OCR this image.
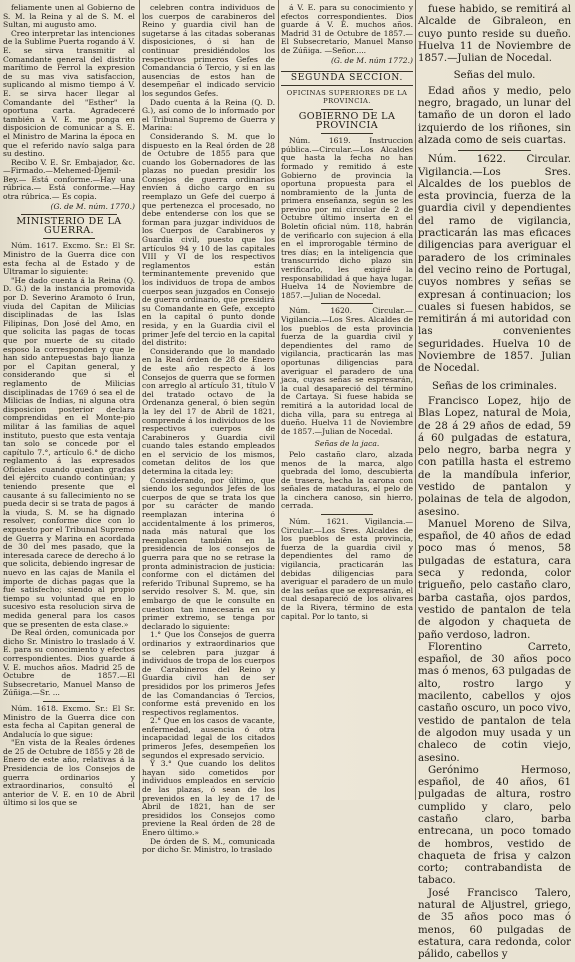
feliamente unen al Gobierno de S. M. la Reina y al de S. M. el Sultan, mi augusto amo.

Creo interpretar las intenciones de la Sublime Puerta rogando á V. E. se sirva transmitir al Comandante general del distrito marítimo de Ferrol la expresion de su mas viva satisfaccion, suplicando al mismo tiempo á V. E. se sirva hacer llegar al Comandante del "Esther" la oportuna carta. Agradeceré también a V. E. me ponga en disposicion de comunicar a S. E. el Ministro de Marina la época en que el referido navío salga para su destino.

Recibo V. E. Sr. Embajador, &c. —Firmado.—Mehemed-Djemil-Bey.— Está conforme.—Hay una rúbrica.— Está conforme.—Hay otra rúbrica.— Es copia.

(G. de M. núm. 1770.)
MINISTERIO DE LA GUERRA.

Núm. 1617. Excmo. Sr.: El Sr. Ministro de la Guerra dice con esta fecha al de Estado y de Ultramar lo siguiente:

"He dado cuenta á la Reina (Q. D. G.) de la instancia promovida por D. Severino Aramoto ó Irun, viuda del Capitan de Milicias disciplinadas de las Islas Filipinas, Don José del Amo, en que solicita las pagas de tocas que por muerte de su citado esposo la corresponden y que le han sido antepuestas bajo lianza por el Capitan general, y considerando que si el reglamento de Milicias disciplinadas de 1769 ó sea el de Milicias de Indias, ni alguna otra disposicion posterior declara comprendidas en el Monte-pio militar á las familias de aquel instituto, puesto que esta ventaja tan solo se concede por el capítulo 7.°, artículo 6.° de dicho reglamento á las expresados Oficiales cuando quedan gradas del ejército cuando continúan; y teniendo presente que el causante á su fallecimiento no se pueda decir si se trata de pagos á la viuda, S. M. se ha dignado resolver, conforme dice con lo expuesto por el Tribunal Supremo de Guerra y Marina en acordada de 30 del mes pasado, que la interesada carece de derecho á lo que solicita, debiendo ingresar de nuevo en las cajas de Manila el importe de dichas pagas que la fué satisfecho; siendo al propio tiempo su voluntad que en lo sucesivo esta resolucion sirva de medida general para los casos que se presenten de esta clase.»

De Real órden, comunicada por dicho Sr. Ministro lo traslado á V. E. para su conocimiento y efectos correspondientes. Dios guarde á V. E. muchos años. Madrid 25 de Octubre de 1857.—El Subsecretario, Manuel Manso de Zúñiga.—Sr. ...

Núm. 1618. Excmo. Sr.: El Sr. Ministro de la Guerra dice con esta fecha al Capitan general de Andalucía lo que sigue:

"En vista de la Reales órdenes de 25 de Octubre de 1855 y 28 de Enero de este año, relativas á la Presidencia de los Consejos de guerra ordinarios y extraordinarios, consultó el anterior de V. E. en 10 de Abril último si los que se

celebren contra individuos de los cuerpos de carabineros del Reino y guardia civil han de sugetarse á las citadas soberanas disposiciones, ó si han de continuar presidiéndolos los respectivos primeros Gefes de Comandancia ó Tercio, y si en las ausencias de estos han de desempeñar el indicado servicio los segundos Gefes.

Dado cuenta á la Reina (Q. D. G.), así como de lo informado por el Tribunal Supremo de Guerra y Marina:

Considerando S. M. que lo dispuesto en la Real órden de 28 de Octubre de 1855 para que cuando los Gobernadores de las plazas no puedan presidir los Consejos de guerra ordinarios envíen á dicho cargo en su reemplazo un Gefe del cuerpo á que pertenezca el procesado, no debe entenderse con los que se forman para juzgar individuos de los Cuerpos de Carabineros y Guardia civil, puesto que los artículos 94 y 10 de las capitales VIII y VI de los respectivos reglamentos están terminantemente prevenido que los individuos de tropa de ambos cuerpos sean juzgados en Consejo de guerra ordinario, que presidirá su Comandante en Gefe, excepto en la capital ó punto donde resida, y en la Guardia civil el primer Jefe del tercio en la capital del distrito:

Considerando que lo mandado en la Real órden de 28 de Enero de este año respecto á los Consejos de guerra que se formen con arreglo al artículo 31, título V del tratado octavo de la Ordenanza general, ó bien según la ley del 17 de Abril de 1821, comprende á los individuos de los respectivos cuerpos de Carabineros y Guardia civil cuando tales estando empleados en el servicio de los mismos, cometan delitos de los que determina la citada ley:

Considerando, por último, que siendo los segundos Jefes de los cuerpos de que se trata los que por su carácter de mando reemplazan interina ó accidentalmente á los primeros, nada más natural que los reemplacen también en la presidencia de los consejos de guerra para que no se retrase la pronta administracion de justicia: conforme con el dictámen del referido Tribunal Supremo, se ha servido resolver S. M. que, sin embargo de que le consulte en cuestion tan innecesaria en su primer extremo, se tenga por declarado lo siguiente:

1.° Que los Consejos de guerra ordinarios y extraordinarios que se celebren para juzgar á individuos de tropa de los cuerpos de Carabineros del Reino y Guardia civil han de ser presididos por los primeros Jefes de las Comandancias ó Tercios, conforme está prevenido en los respectivos reglamentos.

2.° Que en los casos de vacante, enfermedad, ausencia ó otra incapacidad legal de los citados primeros Jefes, desempeñen los segundos el expresado servicio.

Y 3.° Que cuando los delitos hayan sido cometidos por individuos empleados en servicio de las plazas, ó sean de los prevenidos en la ley de 17 de Abril de 1821, han de ser presididos los Consejos como previene la Real órden de 28 de Enero último.»

De órden de S. M., comunicada por dicho Sr. Ministro, lo traslado

á V. E. para su conocimiento y efectos correspondientes. Dios guarde á V. E. muchos años. Madrid 31 de Octubre de 1857.—El Subsecretario, Manuel Manso de Zúñiga. —Señor.....

(G. de M. núm 1772.)
SEGUNDA SECCION.
OFICINAS SUPERIORES DE LA PROVINCIA.
GOBIERNO DE LA PROVINCIA

Núm. 1619. Instruccion pública.—Circular.—Los Alcaldes que hasta la fecha no han formado y remitido á este Gobierno de provincia la oportuna propuesta para el nombramiento de la Junta de primera enseñanza, según se les previno por mi circular de 2 de Octubre último inserta en el Boletín oficial núm. 118, habrán de verificarlo con sujecion á ella en el improrogable término de tres días; en la inteligencia que transcurrido dicho plazo sin verificarlo, les exigiré la responsabilidad á que haya lugar. Huelva 14 de Noviembre de 1857.—Julian de Nocedal.

Núm. 1620. Circular.—Vigilancia.—Los Sres. Alcaldes de los pueblos de esta provincia fuerza de la guardia civil y dependientes del ramo de vigilancia, practicarán las mas oportunas diligencias para averiguar el paradero de una jaca, cuyas señas se espresarán, la cual desapareció del término de Cartaya. Si fuese habida se remitirá a la autoridad local de dicha villa, para su entrega al dueño. Huelva 11 de Noviembre de 1857.—Julian de Nocedal.

Señas de la jaca.

Pelo castaño claro, alzada menos de la marca, algo quebrada del lomo, descubierta de trasera, hecha la carona con señales de mataduras, el pelo de la cinchera canoso, sin hierro, cerrada.

Núm. 1621. Vigilancia.— Circular.—Los Sres. Alcaldes de los pueblos de esta provincia, fuerza de la guardia civil y dependientes del ramo de vigilancia, practicarán las debidas diligencias para averiguar el paradero de un mulo de las señas que se expresarán, el cual desapareció de los olivares de la Rivera, término de esta capital. Por lo tanto, si

fuese habido, se remitirá al Alcalde de Gibraleon, en cuyo punto reside su dueño. Huelva 11 de Noviembre de 1857.—Julian de Nocedal.

Señas del mulo.

Edad años y medio, pelo negro, bragado, un lunar del tamaño de un doron el lado izquierdo de los riñones, sin alzada como de seis cuartas.

Núm. 1622. Circular. Vigilancia.—Los Sres. Alcaldes de los pueblos de esta provincia, fuerza de la guardia civil y dependientes del ramo de vigilancia, practicarán las mas eficaces diligencias para averiguar el paradero de los criminales del vecino reino de Portugal, cuyos nombres y señas se expresan á continuacion; los cuales si fuesen habidos, se remitirán á mi autoridad con las convenientes seguridades. Huelva 10 de Noviembre de 1857. Julian de Nocedal.

Señas de los criminales.

Francisco Lopez, hijo de Blas Lopez, natural de Moia, de 28 á 29 años de edad, 59 á 60 pulgadas de estatura, pelo negro, barba negra y con patilla hasta el estremo de la mandíbula inferior, vestido de pantalon y polainas de tela de algodon, asesino.

Manuel Moreno de Silva, español, de 40 años de edad poco mas ó menos, 58 pulgadas de estatura, cara seca y redonda, color trigueño, pelo castaño claro, barba castaña, ojos pardos, vestido de pantalon de tela de algodon y chaqueta de paño verdoso, ladron.

Florentino Carreto, español, de 30 años poco mas ó menos, 63 pulgadas de alto, rostro largo y macilento, cabellos y ojos castaño oscuro, un poco vivo, vestido de pantalon de tela de algodon muy usada y un chaleco de cotin viejo, asesino.

Gerónimo Hermoso, español, de 40 años, 61 pulgadas de altura, rostro cumplido y claro, pelo castaño claro, barba entrecana, un poco tomado de hombros, vestido de chaqueta de frisa y calzon corto; contrabandista de tabaco.

José Francisco Talero, natural de Aljustrel, griego, de 35 años poco mas ó menos, 60 pulgadas de estatura, cara redonda, color pálido, cabellos y
